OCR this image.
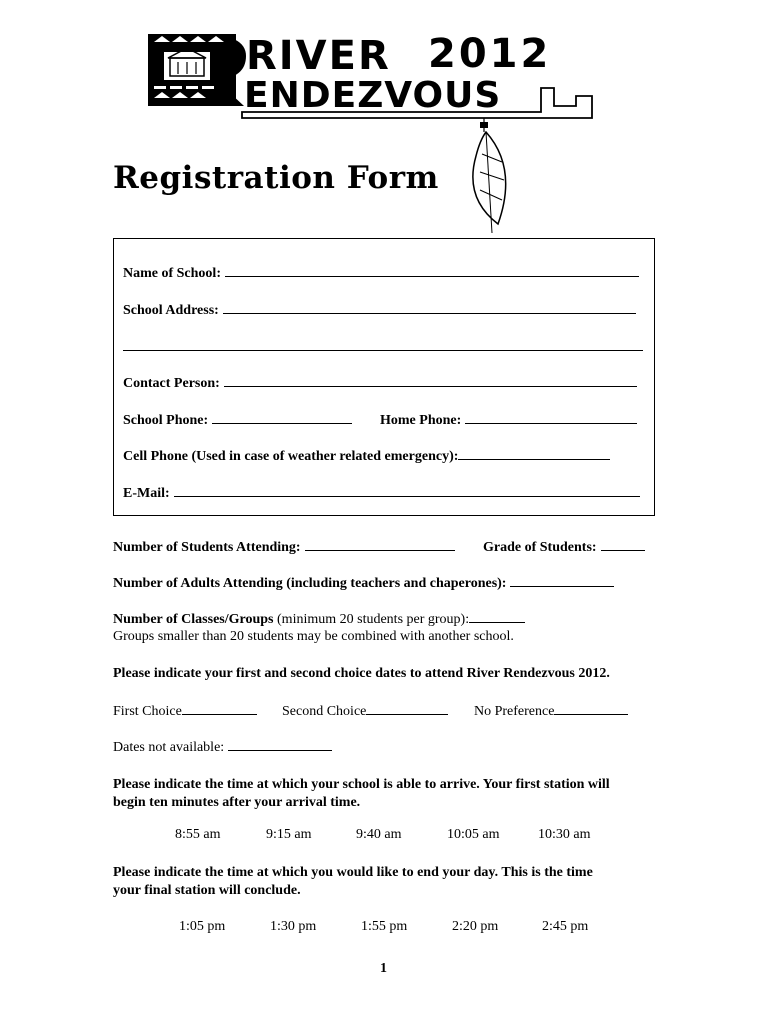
RIVER 2012
ENDEZVOUS
Registration Form
Name of School:
School Address:
Contact Person:
School Phone:	Home Phone:
Cell Phone (Used in case of weather related emergency):
E-Mail:
Number of Students Attending:	Grade of Students:
Number of Adults Attending (including teachers and chaperones):
Number of Classes/Groups (minimum 20 students per group):
Groups smaller than 20 students may be combined with another school.
Please indicate your first and second choice dates to attend River Rendezvous 2012.
First Choice	Second Choice	No Preference
Dates not available:
Please indicate the time at which your school is able to arrive. Your first station will
begin ten minutes after your arrival time.
8:55 am	9:15 am	9:40 am	10:05 am	10:30 am
Please indicate the time at which you would like to end your day. This is the time
your final station will conclude.
1:05 pm	1:30 pm	1:55 pm	2:20 pm	2:45 pm
1
